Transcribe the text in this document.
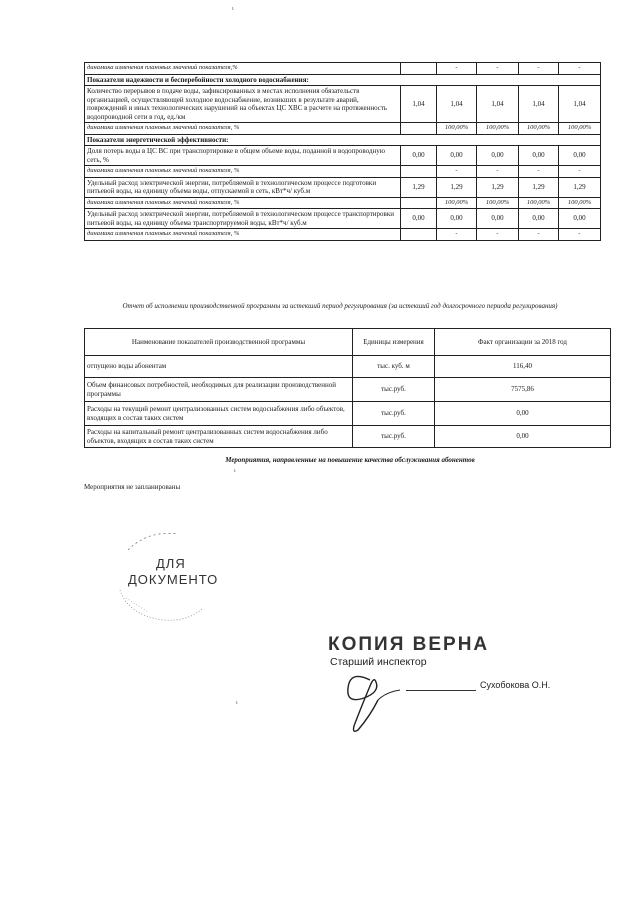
динамика изменения плановых значений показателя,%		-	-	-	-
Показатели надежности и бесперебойности холодного водоснабжения:					
Количество перерывов в подаче воды, зафиксированных в местах исполнения обязательств организацией, осуществляющей холодное водоснабжение, возникших в результате аварий, повреждений и иных технологических нарушений на объектах ЦС ХВС в расчете на протяженность водопроводной сети в год, ед./км	1,04	1,04	1,04	1,04	1,04
динамика изменения плановых значений показателя, %		100,00%	100,00%	100,00%	100,00%
Показатели энергетической эффективности:					
Доля потерь воды в ЦС ВС при транспортировке в общем объеме воды, поданной в водопроводную сеть, %	0,00	0,00	0,00	0,00	0,00
динамика изменения плановых значений показателя, %		-	-	-	-
Удельный расход электрической энергии, потребляемой в технологическом процессе подготовки питьевой воды, на единицу объема воды, отпускаемой в сеть, кВт*ч/ куб.м	1,29	1,29	1,29	1,29	1,29
динамика изменения плановых значений показателя, %		100,00%	100,00%	100,00%	100,00%
Удельный расход электрической энергии, потребляемой в технологическом процессе транспортировки питьевой воды, на единицу объема транспортируемой воды, кВт*ч/ куб.м	0,00	0,00	0,00	0,00	0,00
динамика изменения плановых значений показателя, %		-	-	-	-
Отчет об исполнении производственной программы за истекший период регулирования (за истекший год долгосрочного периода регулирования)
Наименование показателей производственной программы	Единицы измерения	Факт организации за 2018 год
отпущено воды абонентам	тыс. куб. м	116,40
Объем финансовых потребностей, необходимых для реализации производственной программы	тыс.руб.	7575,86
Расходы на текущий ремонт централизованных систем водоснабжения либо объектов, входящих в состав таких систем	тыс.руб.	0,00
Расходы на капитальный ремонт централизованных систем водоснабжения либо объектов, входящих в состав таких систем	тыс.руб.	0,00
Мероприятия, направленные на повышение качества обслуживания абонентов
Мероприятия не запланированы
ДЛЯ
ДОКУМЕНТО
КОПИЯ ВЕРНА
Старший инспектор
Сухобокова О.Н.
ı
ı
ı
